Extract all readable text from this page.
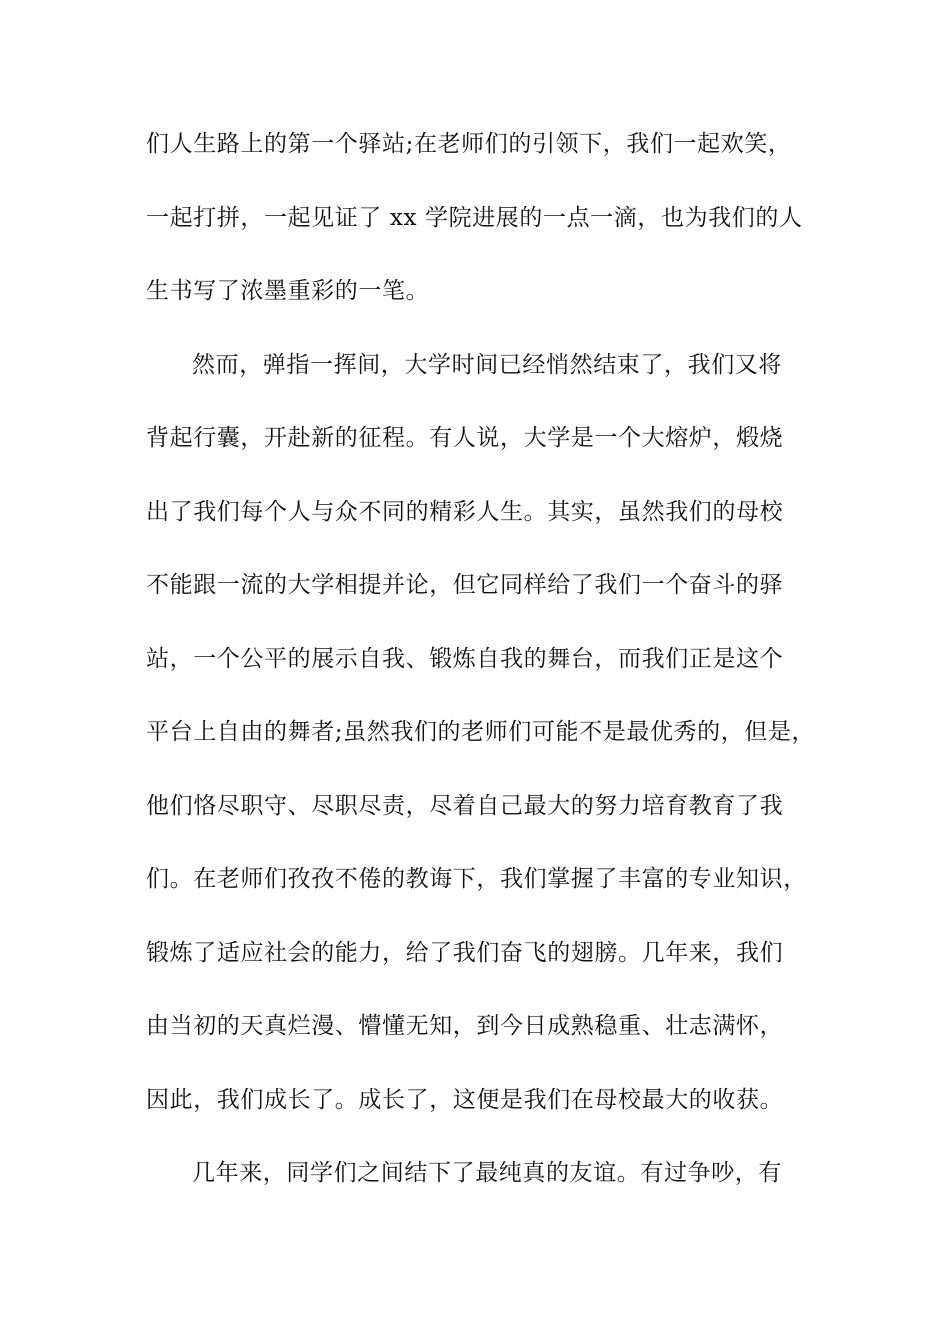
们人生路上的第一个驿站;在老师们的引领下，我们一起欢笑，
一起打拼，一起见证了 xx 学院进展的一点一滴，也为我们的人
生书写了浓墨重彩的一笔。
然而，弹指一挥间，大学时间已经悄然结束了，我们又将
背起行囊，开赴新的征程。有人说，大学是一个大熔炉，煅烧
出了我们每个人与众不同的精彩人生。其实，虽然我们的母校
不能跟一流的大学相提并论，但它同样给了我们一个奋斗的驿
站，一个公平的展示自我、锻炼自我的舞台，而我们正是这个
平台上自由的舞者;虽然我们的老师们可能不是最优秀的，但是，
他们恪尽职守、尽职尽责，尽着自己最大的努力培育教育了我
们。在老师们孜孜不倦的教诲下，我们掌握了丰富的专业知识，
锻炼了适应社会的能力，给了我们奋飞的翅膀。几年来，我们
由当初的天真烂漫、懵懂无知，到今日成熟稳重、壮志满怀，
因此，我们成长了。成长了，这便是我们在母校最大的收获。
几年来，同学们之间结下了最纯真的友谊。有过争吵，有
